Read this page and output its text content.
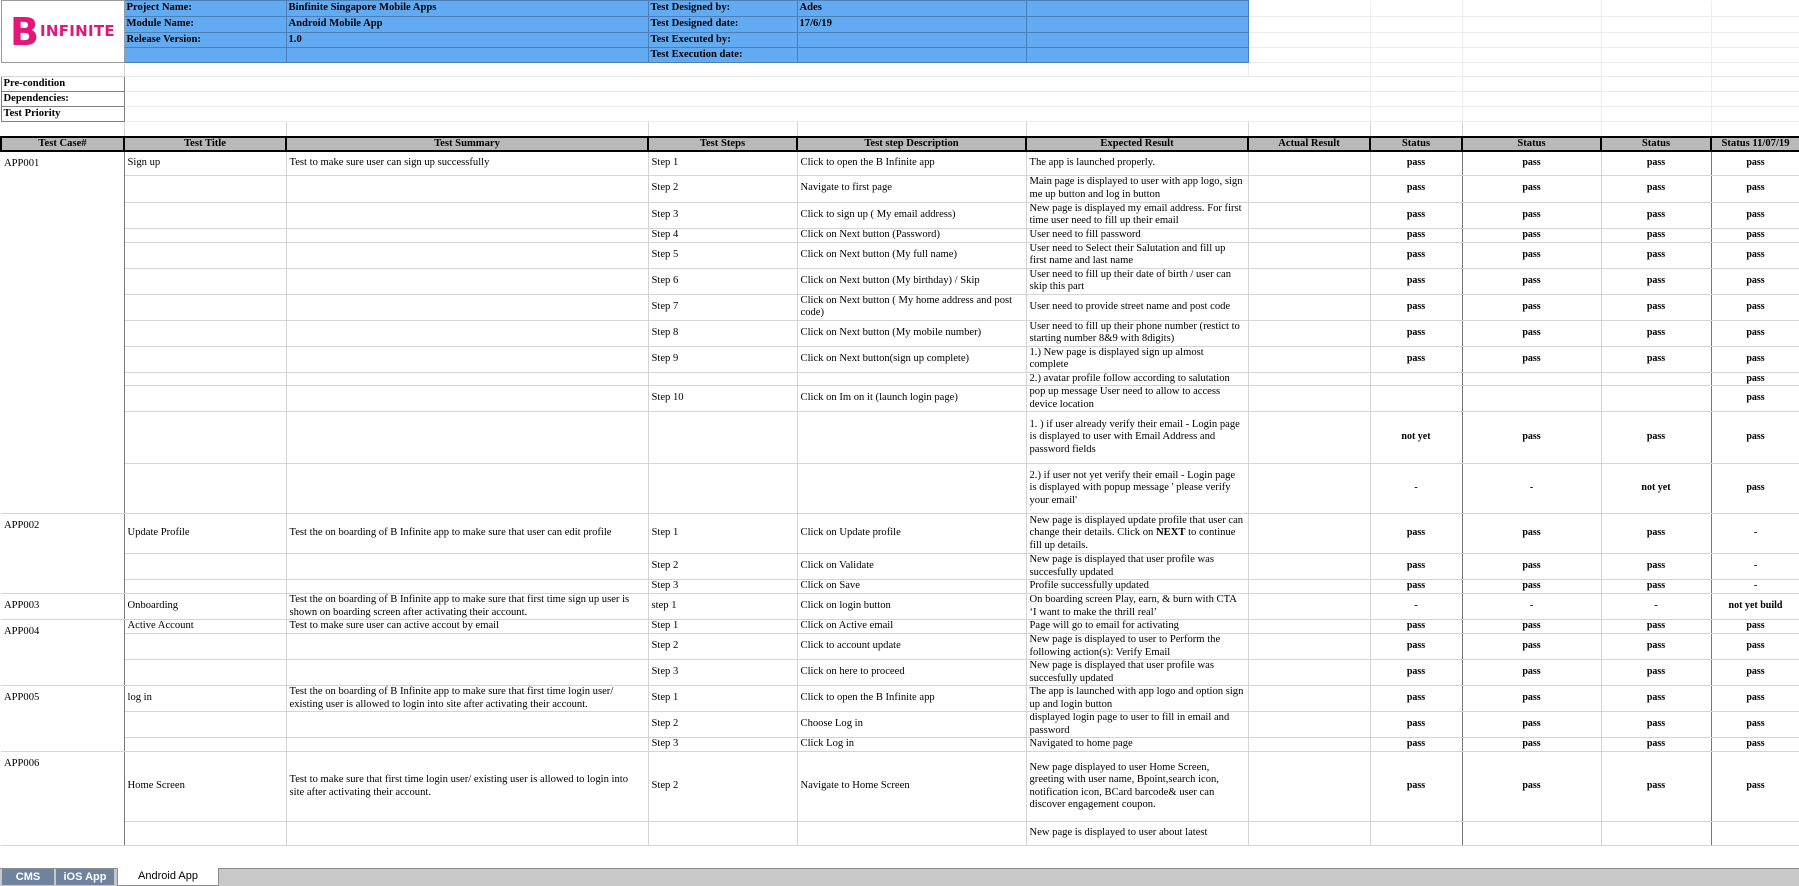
B INFINITE	Project Name:	Binfinite Singapore Mobile Apps	Test Designed by:	Ades						
	Module Name:	Android Mobile App	Test Designed date:	17/6/19						
	Release Version:	1.0	Test Executed by:							
			Test Execution date:							

Pre-condition										
Dependencies:										
Test Priority										

Test Case#	Test Title	Test Summary	Test Steps	Test step Description	Expected Result	Actual Result	Status	Status	Status	Status 11/07/19
APP001	Sign up	Test to make sure user can sign up successfully	Step 1	Click to open the B Infinite app	The app is launched properly.		pass	pass	pass	pass
			Step 2	Navigate to first page	Main page is displayed to user with app logo, sign me up button and log in button		pass	pass	pass	pass
			Step 3	Click to sign up ( My email address)	New page is displayed my email address. For first time user need to fill up their email		pass	pass	pass	pass
			Step 4	Click on Next button (Password)	User need to fill password		pass	pass	pass	pass
			Step 5	Click on Next button (My full name)	User need to Select their Salutation and fill up first name and last name		pass	pass	pass	pass
			Step 6	Click on Next button (My birthday) / Skip	User need to fill up their date of birth / user can skip this part		pass	pass	pass	pass
			Step 7	Click on Next button ( My home address and post code)	User need to provide street name and post code		pass	pass	pass	pass
			Step 8	Click on Next button (My mobile number)	User need to fill up their phone number (restict to starting number 8&9 with 8digits)		pass	pass	pass	pass
			Step 9	Click on Next button(sign up complete)	1.) New page is displayed sign up almost complete		pass	pass	pass	pass
					2.) avatar profile follow according to salutation					pass
			Step 10	Click on Im on it (launch login page)	pop up message User need to allow to access device location					pass
					1. ) if user already verify their email - Login page is displayed to user with Email Address and password fields		not yet	pass	pass	pass
					2.) if user not yet verify their email - Login page is displayed with popup message ' please verify your email'		-	-	not yet	pass
APP002	Update Profile	Test the on boarding of B Infinite app to make sure that user can edit profile	Step 1	Click on Update profile	New page is displayed update profile that user can change their details. Click on NEXT to continue fill up details.		pass	pass	pass	-
			Step 2	Click on Validate	New page is displayed that user profile was succesfully updated		pass	pass	pass	-
			Step 3	Click on Save	Profile successfully updated		pass	pass	pass	-
APP003	Onboarding	Test the on boarding of B Infinite app to make sure that first time sign up user is shown on boarding screen after activating their account.	step 1	Click on login button	On boarding screen Play, earn, & burn with CTA ‘I want to make the thrill real’		-	-	-	not yet build
APP004	Active Account	Test to make sure user can active accout by email	Step 1	Click on Active email	Page will go to email for activating		pass	pass	pass	pass
			Step 2	Click to account update	New page is displayed to user to Perform the following action(s): Verify Email		pass	pass	pass	pass
			Step 3	Click on here to proceed	New page is displayed that user profile was succesfully updated		pass	pass	pass	pass
APP005	log in	Test the on boarding of B Infinite app to make sure that first time login user/ existing user is allowed to login into site after activating their account.	Step 1	Click to open the B Infinite app	The app is launched with app logo and option sign up and login button		pass	pass	pass	pass
			Step 2	Choose Log in	displayed login page to user to fill in email and password		pass	pass	pass	pass
			Step 3	Click Log in	Navigated to home page		pass	pass	pass	pass
APP006	Home Screen	Test to make sure that first time login user/ existing user is allowed to login into site after activating their account.	Step 2	Navigate to Home Screen	New page displayed to user Home Screen, greeting with user name, Bpoint,search icon, notification icon, BCard barcode& user can discover engagement coupon.		pass	pass	pass	pass
					New page is displayed to user about latest					
CMS	iOS App	Android App
